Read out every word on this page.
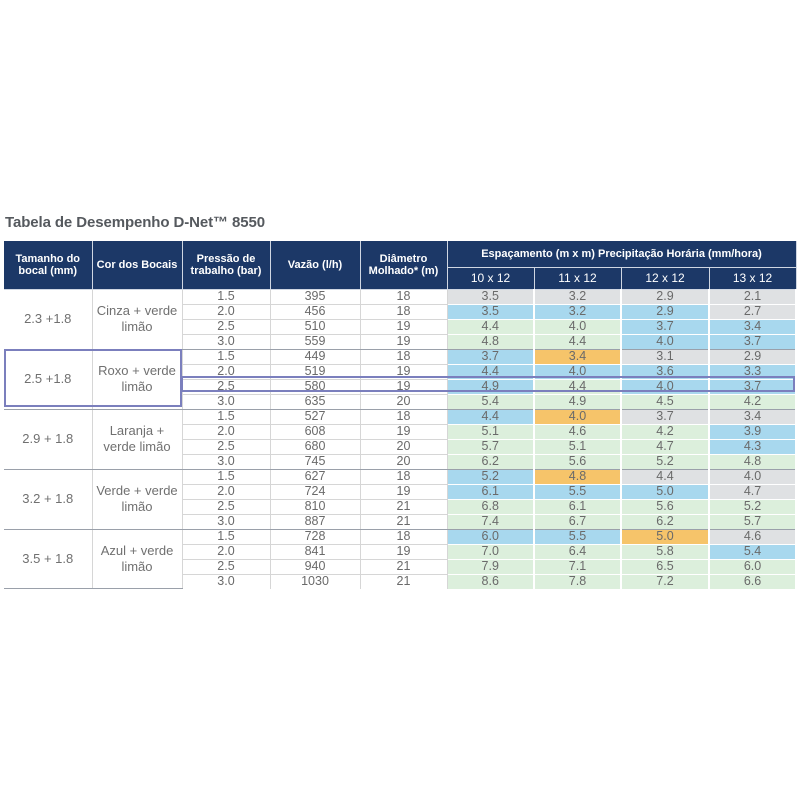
Tabela de Desempenho D-Net™ 8550
Tamanho do bocal (mm)	Cor dos Bocais	Pressão de trabalho (bar)	Vazão (l/h)	Diâmetro Molhado* (m)	Espaçamento (m x m) Precipitação Horária (mm/hora)			
					10 x 12	11 x 12	12 x 12	13 x 12
2.3 +1.8	Cinza + verde limão	1.5	395	18	3.5	3.2	2.9	2.1
		2.0	456	18	3.5	3.2	2.9	2.7
		2.5	510	19	4.4	4.0	3.7	3.4
		3.0	559	19	4.8	4.4	4.0	3.7
2.5 +1.8	Roxo + verde limão	1.5	449	18	3.7	3.4	3.1	2.9
		2.0	519	19	4.4	4.0	3.6	3.3
		2.5	580	19	4.9	4.4	4.0	3.7
		3.0	635	20	5.4	4.9	4.5	4.2
2.9 + 1.8	Laranja + verde limão	1.5	527	18	4.4	4.0	3.7	3.4
		2.0	608	19	5.1	4.6	4.2	3.9
		2.5	680	20	5.7	5.1	4.7	4.3
		3.0	745	20	6.2	5.6	5.2	4.8
3.2 + 1.8	Verde + verde limão	1.5	627	18	5.2	4.8	4.4	4.0
		2.0	724	19	6.1	5.5	5.0	4.7
		2.5	810	21	6.8	6.1	5.6	5.2
		3.0	887	21	7.4	6.7	6.2	5.7
3.5 + 1.8	Azul + verde limão	1.5	728	18	6.0	5.5	5.0	4.6
		2.0	841	19	7.0	6.4	5.8	5.4
		2.5	940	21	7.9	7.1	6.5	6.0
		3.0	1030	21	8.6	7.8	7.2	6.6
